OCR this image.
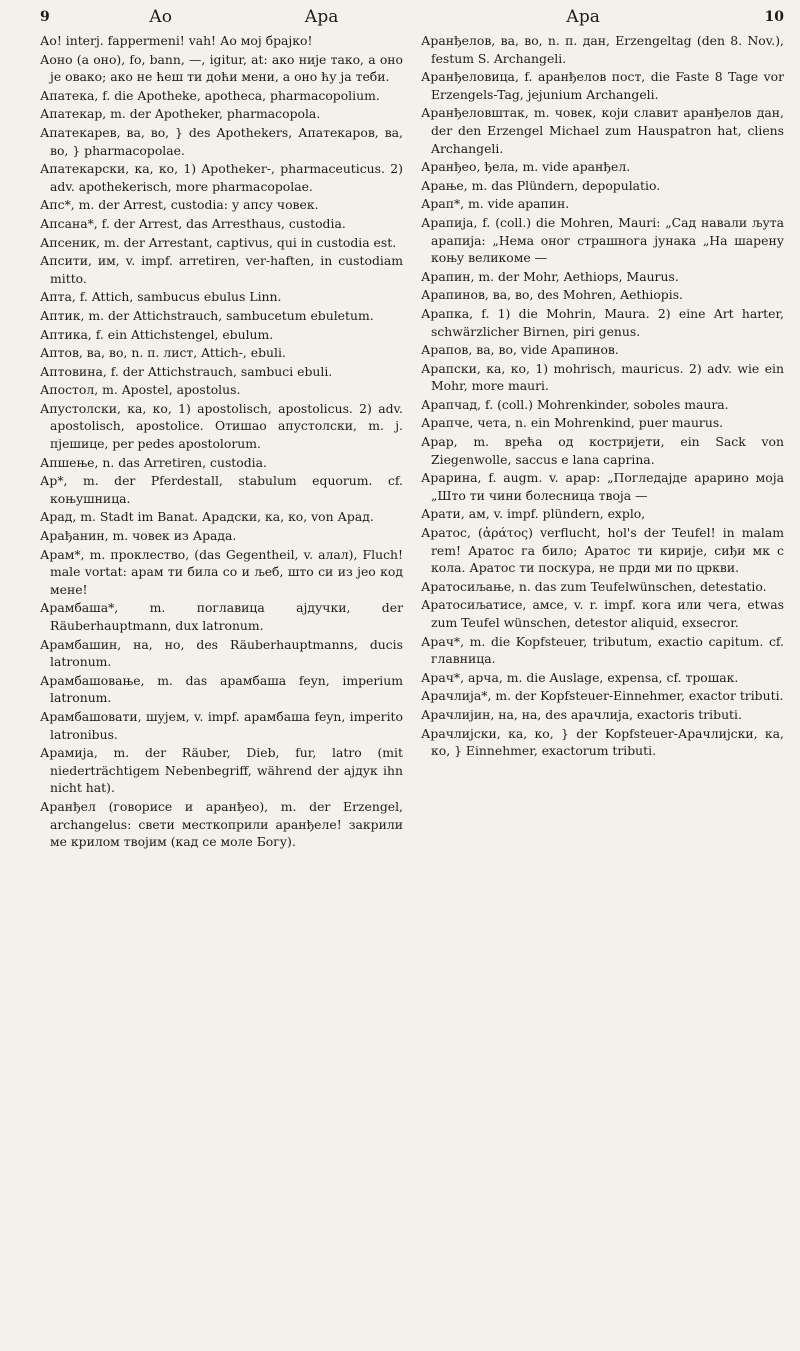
9	Ао	Ара	Ара	10

Ао! interj. fappermeni! vah! Ао мој брајко!

Аоно (а оно), fo, bann, —, igitur, at: ако није тако, а оно је овако; ако не ћеш ти доћи мени, а оно ћу ја теби.

Апатека, f. die Apotheke, apotheca, pharmacopolium.

Апатекар, m. der Apotheker, pharmacopola.

Апатекарев, ва, во, } des Apothekers, Апатекаров, ва, во, } pharmacopolae.

Апатекарски, ка, ко, 1) Apotheker-, pharmaceuticus. 2) adv. apothekerisch, more pharmacopolae.

Апс*, m. der Arrest, custodia: у апсу човек.

Апсана*, f. der Arrest, das Arresthaus, custodia.

Апсеник, m. der Arrestant, captivus, qui in custodia est.

Апсити, им, v. impf. arretiren, ver-haften, in custodiam mitto.

Аптa, f. Attich, sambucus ebulus Linn.

Аптик, m. der Attichstrauch, sambucetum ebuletum.

Аптика, f. ein Attichstengel, ebulum.

Аптов, ва, во, n. п. лист, Attich-, ebuli.

Аптовина, f. der Attichstrauch, sambuci ebuli.

Апостол, m. Apostel, apostolus.

Апустолски, ка, ко, 1) apostolisch, apostolicus. 2) adv. apostolisch, apostolice. Отишао апустолски, m. j. пјешице, per pedes apostolorum.

Апшење, n. das Arretiren, custodia.

Ар*, m. der Pferdestall, stabulum equorum. cf. коњушница.

Арад, m. Stadt im Banat. Арадски, ка, ко, von Арад.

Арађанин, m. човек из Арада.

Арам*, m. проклество, (das Gegentheil, v. алал), Fluch! male vortat: арам ти била со и љеб, што си из јео код мене!

Арамбаша*, m. поглавица ајдучки, der Räuberhauptmann, dux latronum.

Арамбашин, на, но, des Räuberhauptmanns, ducis latronum.

Арамбашовање, m. das арамбаша fеyn, imperium latronum.

Арамбашовати, шујем, v. impf. арамбаша fеyn, imperito latronibus.

Арамија, m. der Räuber, Dieb, fur, latro (mit niederträchtigem Nebenbegriff, während der ајдук ihn nicht hat).

Аранђел (говорисе и аранђео), m. der Erzengel, archangelus: свети месткоприли аранђеле! закрили ме крилом твојим (кад се моле Богу).

Аранђелов, ва, во, n. п. дан, Erzengeltag (den 8. Nov.), festum S. Archangeli.

Аранђеловица, f. аранђелов пост, die Faste 8 Tage vor Erzengels-Tag, jejunium Archangeli.

Аранђеловштак, m. човек, који славит аранђелов дан, der den Erzengel Michael zum Hauspatron hat, cliens Archangeli.

Аранђео, ђела, m. vide аранђел.

Арање, m. das Plündern, depopulatio.

Арап*, m. vide арапин.

Арапија, f. (coll.) die Mohren, Mauri: „Сад навали љута арапија: „Нема оног страшнога јунака „На шарену коњу великоме —

Арапин, m. der Mohr, Aethiops, Maurus.

Арапинов, ва, во, des Mohren, Aethiopis.

Арапка, f. 1) die Mohrin, Maura. 2) eine Art harter, schwärzlicher Birnen, piri genus.

Арапов, ва, во, vide Арапинов.

Арапски, ка, ко, 1) mohrisch, mauricus. 2) adv. wie ein Mohr, more mauri.

Арапчад, f. (coll.) Mohrenkinder, soboles maura.

Арапче, чета, n. ein Mohrenkind, puer maurus.

Арар, m. врећа од костријети, ein Sack von Ziegenwolle, saccus e lana caprina.

Арарина, f. augm. v. арар: „Погледајде арарино моја „Што ти чини болесница твоја —

Арати, ам, v. impf. plündern, explo,

Аратос, (ἀράτος) verflucht, hol's der Teufel! in malam rem! Аратос га било; Аратос ти кирије, сиђи мк с кола. Аратос ти поскура, не прди ми по цркви.

Аратосиљање, n. das zum Teufelwünschen, detestatio.

Аратосиљатисе, амсе, v. r. impf. кога или чега, etwas zum Teufel wünschen, detestor aliquid, exsecror.

Арач*, m. die Kopfsteuer, tributum, exactio capitum. cf. главница.

Арач*, арча, m. die Auslage, expensa, cf. трошак.

Арачлија*, m. der Kopfsteuer-Einnehmer, exactor tributi.

Арачлијин, на, на, des арачлија, exactoris tributi.

Арачлијски, ка, ко, } der Kopfsteuer-Арачлијски, ка, ко, } Einnehmer, exactorum tributi.
